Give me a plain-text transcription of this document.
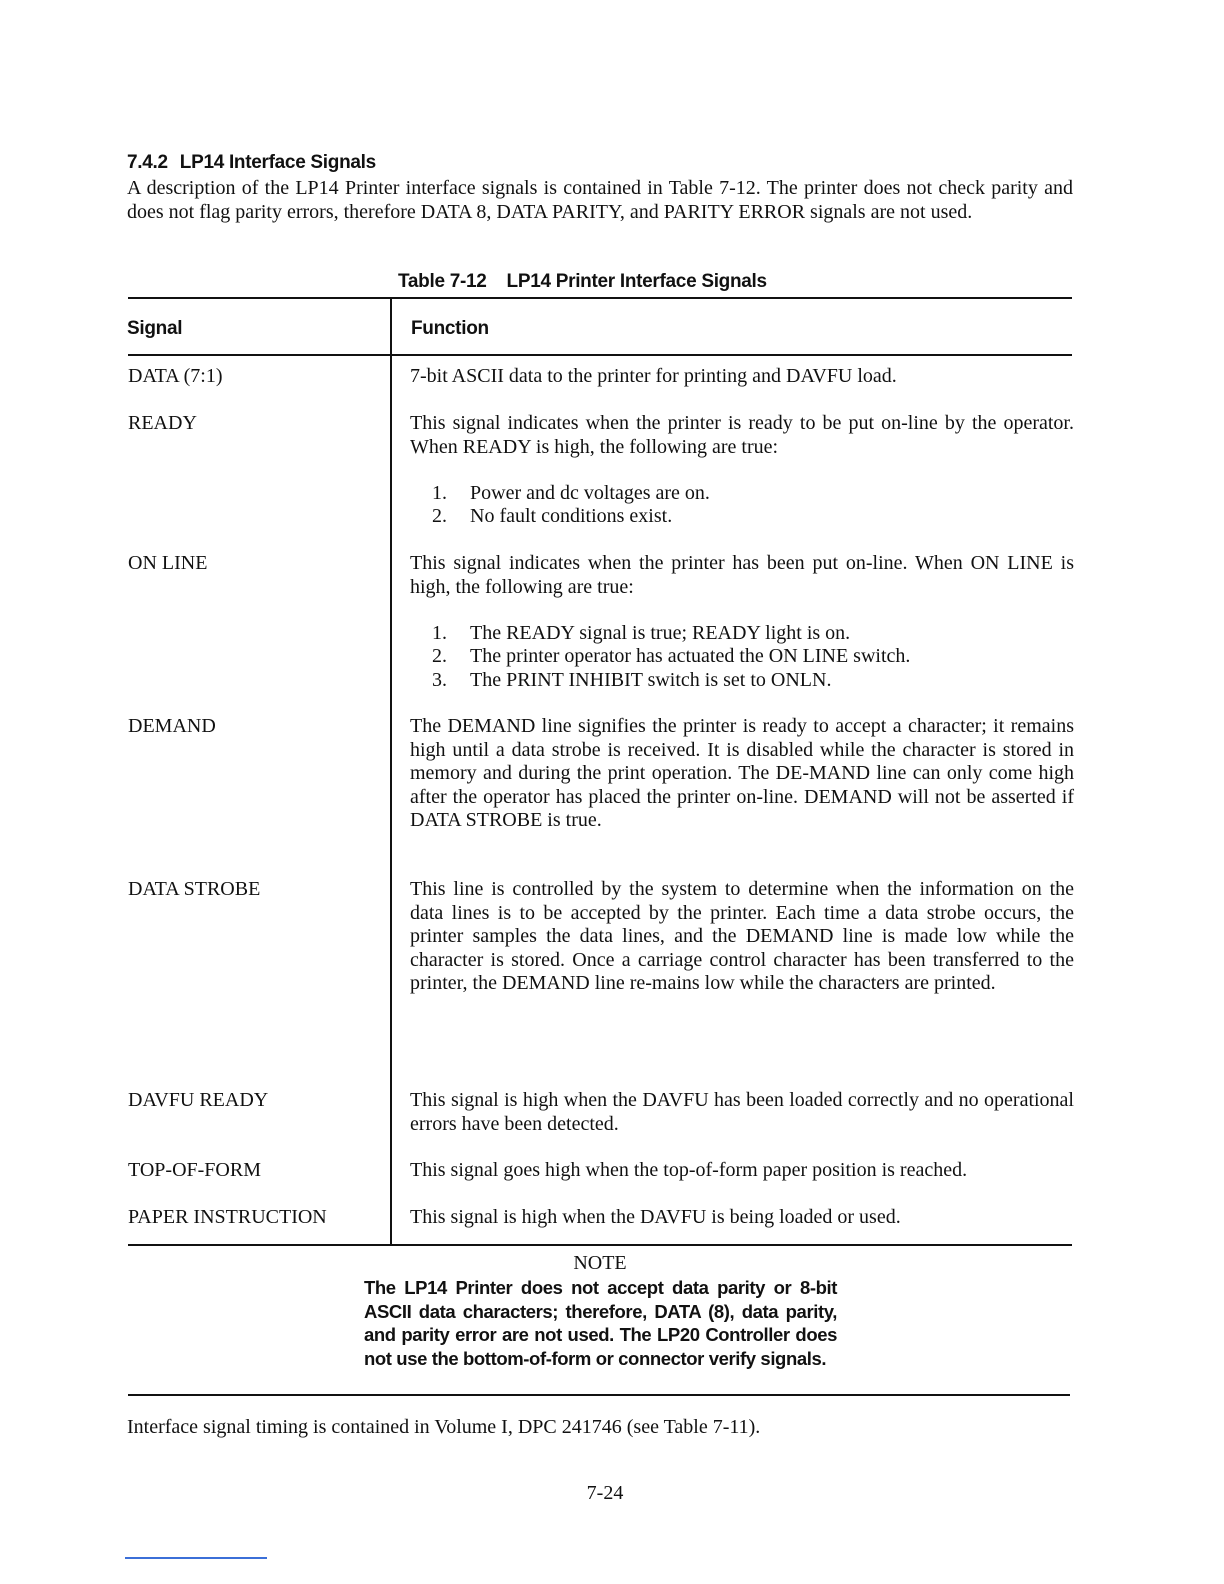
7.4.2 LP14 Interface Signals
A description of the LP14 Printer interface signals is contained in Table 7-12. The printer does not check parity and does not flag parity errors, therefore DATA 8, DATA PARITY, and PARITY ERROR signals are not used.
Table 7-12 LP14 Printer Interface Signals
Signal	Function
DATA (7:1)	7-bit ASCII data to the printer for printing and DAVFU load.
READY	This signal indicates when the printer is ready to be put on-line by the operator. When READY is high, the following are true:
1. Power and dc voltages are on.
2. No fault conditions exist.
ON LINE	This signal indicates when the printer has been put on-line. When ON LINE is high, the following are true:
1. The READY signal is true; READY light is on.
2. The printer operator has actuated the ON LINE switch.
3. The PRINT INHIBIT switch is set to ONLN.
DEMAND	The DEMAND line signifies the printer is ready to accept a character; it remains high until a data strobe is received. It is disabled while the character is stored in memory and during the print operation. The DE-MAND line can only come high after the operator has placed the printer on-line. DEMAND will not be asserted if DATA STROBE is true.
DATA STROBE	This line is controlled by the system to determine when the information on the data lines is to be accepted by the printer. Each time a data strobe occurs, the printer samples the data lines, and the DEMAND line is made low while the character is stored. Once a carriage control character has been transferred to the printer, the DEMAND line re-mains low while the characters are printed.
DAVFU READY	This signal is high when the DAVFU has been loaded correctly and no operational errors have been detected.
TOP-OF-FORM	This signal goes high when the top-of-form paper position is reached.
PAPER INSTRUCTION	This signal is high when the DAVFU is being loaded or used.
NOTE
The LP14 Printer does not accept data parity or 8-bit ASCII data characters; therefore, DATA (8), data parity, and parity error are not used. The LP20 Controller does not use the bottom-of-form or connector verify signals.
Interface signal timing is contained in Volume I, DPC 241746 (see Table 7-11).
7-24
